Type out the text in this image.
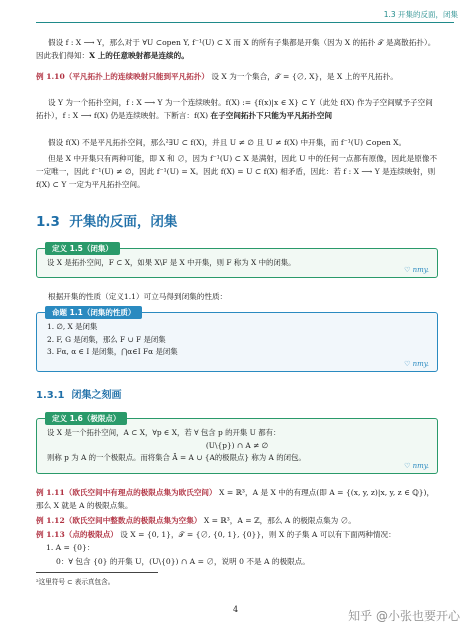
1.3 开集的反面，闭集
假设 f : X ⟶ Y，那么对于 ∀U ⊂open Y, f⁻¹(U) ⊂ X 而 X 的所有子集都是开集（因为 X 的拓扑 𝒯 是离散拓扑）。因此我们得知：X 上的任意映射都是连续的。
例 1.10（平凡拓扑上的连续映射只能到平凡拓扑） 设 X 为一个集合，𝒯 = {∅, X}，是 X 上的平凡拓扑。
设 Y 为一个拓扑空间，f : X ⟶ Y 为一个连续映射。f(X) := {f(x)|x ∈ X} ⊂ Y（此处 f(X) 作为子空间赋予子空间拓扑），f : X ⟶ f(X) 仍是连续映射。下断言：f(X) 在子空间拓扑下只能为平凡拓扑空间
假设 f(X) 不是平凡拓扑空间，那么²∃U ⊂ f(X)，并且 U ≠ ∅ 且 U ≠ f(X) 中开集，而 f⁻¹(U) ⊂open X。
但是 X 中开集只有两种可能，即 X 和 ∅，因为 f⁻¹(U) ⊂ X 是满射，因此 U 中的任何一点都有原像，因此是原像不一定唯一，因此 f⁻¹(U) ≠ ∅，因此 f⁻¹(U) = X。因此 f(X) = U ⊂ f(X) 相矛盾，因此：若 f : X ⟶ Y 是连续映射，则 f(X) ⊂ Y 一定为平凡拓扑空间。
1.3 开集的反面，闭集
定义 1.5（闭集）
设 X 是拓扑空间，F ⊂ X，如果 X\F 是 X 中开集，则 F 称为 X 中的闭集。
♡ nmy.
根据开集的性质（定义1.1）可立马得到闭集的性质：
命题 1.1（闭集的性质）
1. ∅, X 是闭集
2. F, G 是闭集，那么 F ∪ F 是闭集
3. Fα, α ∈ I 是闭集，⋂α∈I Fα 是闭集
♡ nmy.
1.3.1 闭集之刻画
定义 1.6（极限点）
设 X 是一个拓扑空间，A ⊂ X，∀p ∈ X，若 ∀ 包含 p 的开集 U 都有：
(U\{p}) ∩ A ≠ ∅
则称 p 为 A 的一个极限点。而将集合 Ā = A ∪ {A的极限点} 称为 A 的闭包。
♡ nmy.
例 1.11（欧氏空间中有理点的极限点集为欧氏空间） X = ℝ³，A 是 X 中的有理点(即 A = {(x, y, z)|x, y, z ∈ ℚ})，那么 X 就是 A 的极限点集。
例 1.12（欧氏空间中整数点的极限点集为空集） X = ℝ³，A = ℤ，那么 A 的极限点集为 ∅。
例 1.13（点的极限点） 设 X = {0, 1}，𝒯 = {∅, {0, 1}, {0}}，则 X 的子集 A 可以有下面两种情况：
1. A = {0}：
0：∀ 包含 {0} 的开集 U，(U\{0}) ∩ A = ∅，说明 0 不是 A 的极限点。
²这里符号 ⊂ 表示真包含。
4	知乎 @小张也要开心
